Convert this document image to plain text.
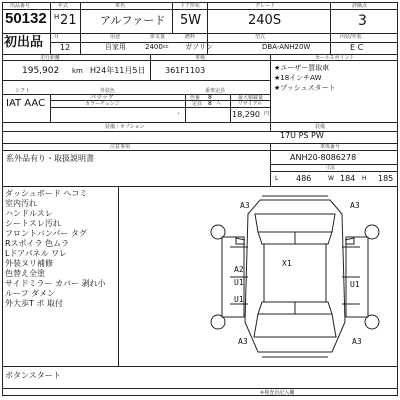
出品番号	年式	車名	ドア形状	グレード	評価点
50132
初出品
H 21 アルファード 5W	240S	3
月	用途	排気量	燃料	型式	内装/外装
12	自家用	2400 cc ガソリン	DBA-ANH20W	E C
走行距離	車検	セールスポイント
195,902 km H24年11月5日 361F1103
シフト	外装色	乗車定員
IAT AAC
パラック	色番 8	最大積載量
カラーチェンジ	定員 8 人	リサイクル
18,290 円
'
★ユーザー買取車
★18インチAW
★プッシュスタート
装備・オプション	装備
17U PS PW
注意事項	車体番号
系外品有り・取扱説明書	ANH20-8086278
寸法
L 486	W 184 H 185
ダッシュボード ヘコミ
室内汚れ
ハンドルスレ
シートスレ汚れ
フロントバンパー タグ
Rスポイラ 色ムラ
Lドアパネル ワレ
外装ヌリ補修
色替え全塗
サイドミラー カバー 剥れ小
ルーフ ダメン
外大歩T ボ 取付
ボタンスタート
※検査員記入欄
A3	A3
X1
A2
U1
U1
U1
A3	A3
